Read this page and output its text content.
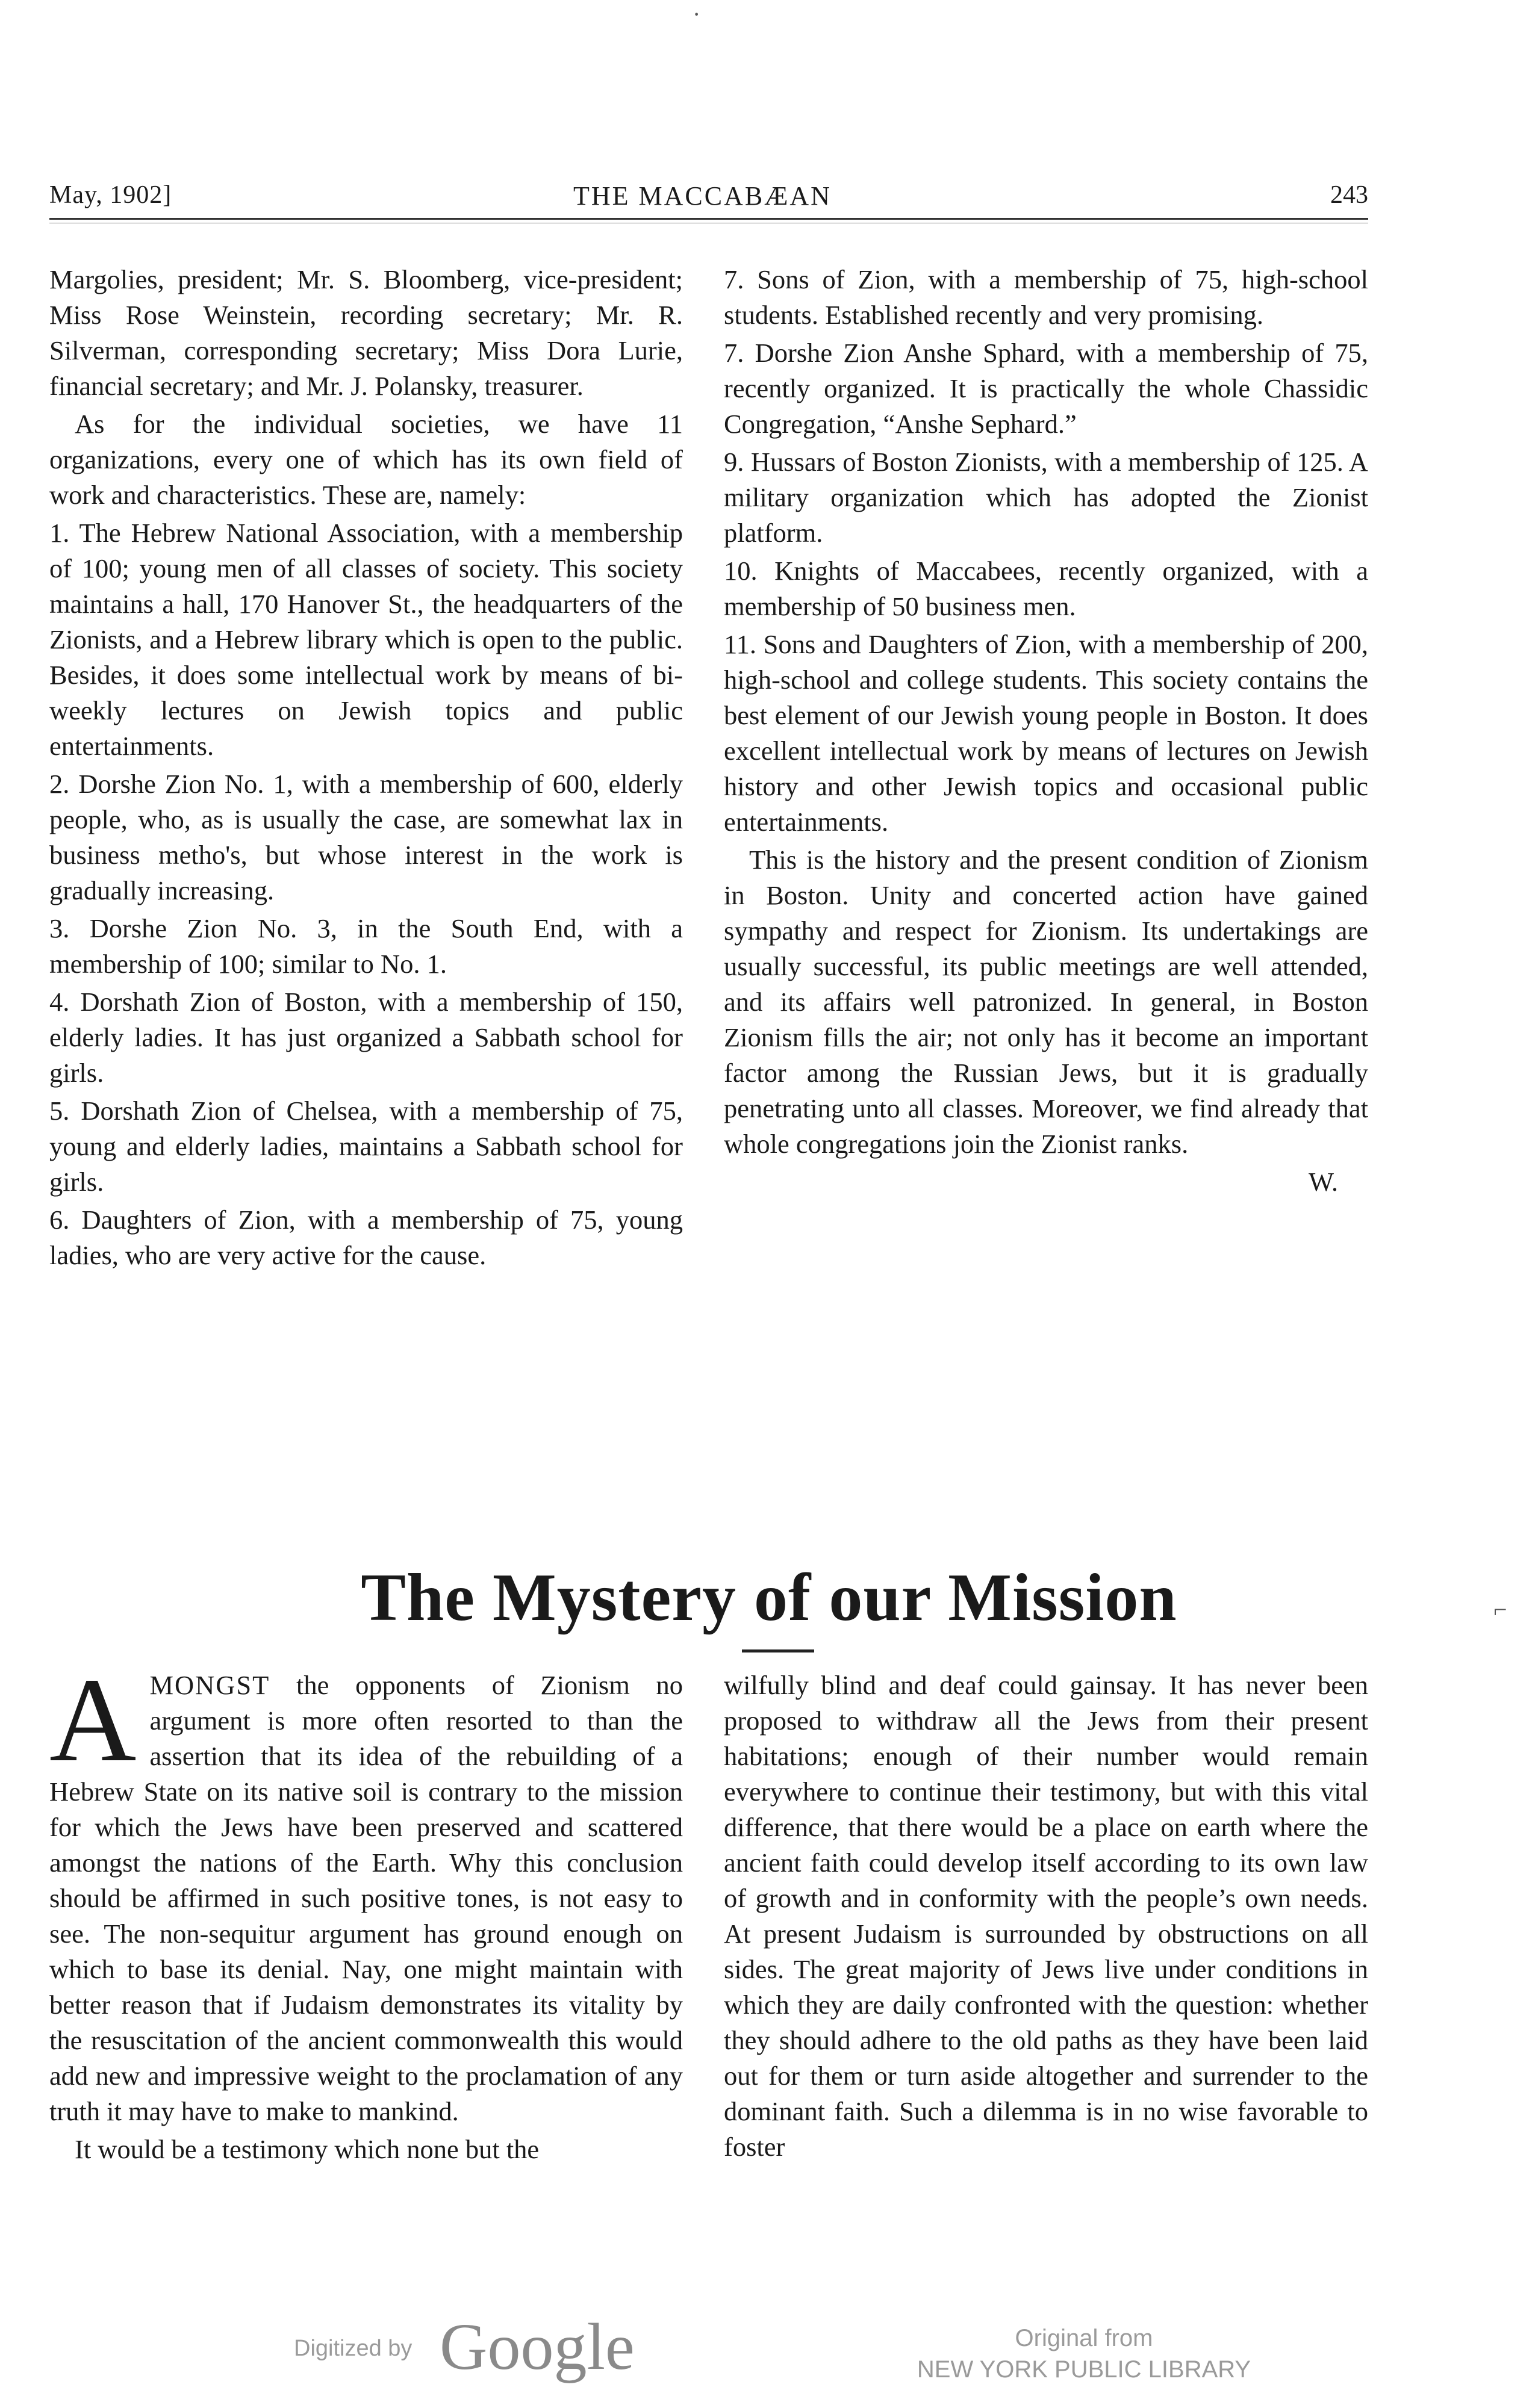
May, 1902]	THE MACCABÆAN	243

Margolies, president; Mr. S. Bloomberg, vice-president; Miss Rose Weinstein, recording secretary; Mr. R. Silverman, corresponding secretary; Miss Dora Lurie, financial secretary; and Mr. J. Polansky, treasurer.

As for the individual societies, we have 11 organizations, every one of which has its own field of work and characteristics. These are, namely:

1. The Hebrew National Association, with a membership of 100; young men of all classes of society. This society maintains a hall, 170 Hanover St., the headquarters of the Zionists, and a Hebrew library which is open to the public. Besides, it does some intellectual work by means of bi-weekly lectures on Jewish topics and public entertainments.

2. Dorshe Zion No. 1, with a membership of 600, elderly people, who, as is usually the case, are somewhat lax in business metho's, but whose interest in the work is gradually increasing.

3. Dorshe Zion No. 3, in the South End, with a membership of 100; similar to No. 1.

4. Dorshath Zion of Boston, with a membership of 150, elderly ladies. It has just organized a Sabbath school for girls.

5. Dorshath Zion of Chelsea, with a membership of 75, young and elderly ladies, maintains a Sabbath school for girls.

6. Daughters of Zion, with a membership of 75, young ladies, who are very active for the cause.

7. Sons of Zion, with a membership of 75, high-school students. Established recently and very promising.

7. Dorshe Zion Anshe Sphard, with a membership of 75, recently organized. It is practically the whole Chassidic Congregation, “Anshe Sephard.”

9. Hussars of Boston Zionists, with a membership of 125. A military organization which has adopted the Zionist platform.

10. Knights of Maccabees, recently organized, with a membership of 50 business men.

11. Sons and Daughters of Zion, with a membership of 200, high-school and college students. This society contains the best element of our Jewish young people in Boston. It does excellent intellectual work by means of lectures on Jewish history and other Jewish topics and occasional public entertainments.

This is the history and the present condition of Zionism in Boston. Unity and concerted action have gained sympathy and respect for Zionism. Its undertakings are usually successful, its public meetings are well attended, and its affairs well patronized. In general, in Boston Zionism fills the air; not only has it become an important factor among the Russian Jews, but it is gradually penetrating unto all classes. Moreover, we find already that whole congregations join the Zionist ranks.

W.

The Mystery of our Mission

AMONGST the opponents of Zionism no argument is more often resorted to than the assertion that its idea of the rebuilding of a Hebrew State on its native soil is contrary to the mission for which the Jews have been preserved and scattered amongst the nations of the Earth. Why this conclusion should be affirmed in such positive tones, is not easy to see. The non-sequitur argument has ground enough on which to base its denial. Nay, one might maintain with better reason that if Judaism demonstrates its vitality by the resuscitation of the ancient commonwealth this would add new and impressive weight to the proclamation of any truth it may have to make to mankind.

It would be a testimony which none but the

wilfully blind and deaf could gainsay. It has never been proposed to withdraw all the Jews from their present habitations; enough of their number would remain everywhere to continue their testimony, but with this vital difference, that there would be a place on earth where the ancient faith could develop itself according to its own law of growth and in conformity with the people’s own needs. At present Judaism is surrounded by obstructions on all sides. The great majority of Jews live under conditions in which they are daily confronted with the question: whether they should adhere to the old paths as they have been laid out for them or turn aside altogether and surrender to the dominant faith. Such a dilemma is in no wise favorable to foster

Digitized by Google	Original from
NEW YORK PUBLIC LIBRARY
·
⌐
